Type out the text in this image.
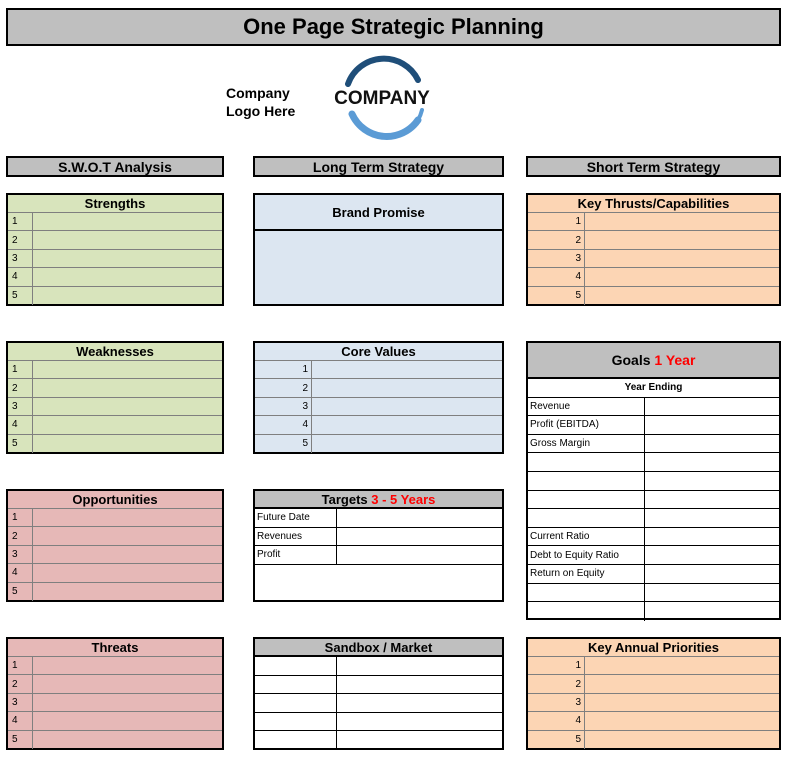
One Page Strategic Planning
Company
Logo Here
COMPANY
S.W.O.T Analysis	Long Term Strategy	Short Term Strategy
Strengths
1
2
3
4
5
Weaknesses
1
2
3
4
5
Opportunities
1
2
3
4
5
Threats
1
2
3
4
5
Brand Promise
Core Values
1
2
3
4
5
Targets
3 - 5 Years
Future Date
Revenues
Profit
Sandbox / Market
Key Thrusts/Capabilities
1
2
3
4
5
Goals
1 Year
Year Ending
Revenue
Profit (EBITDA)
Gross Margin
Current Ratio
Debt to Equity Ratio
Return on Equity
Key Annual Priorities
1
2
3
4
5
